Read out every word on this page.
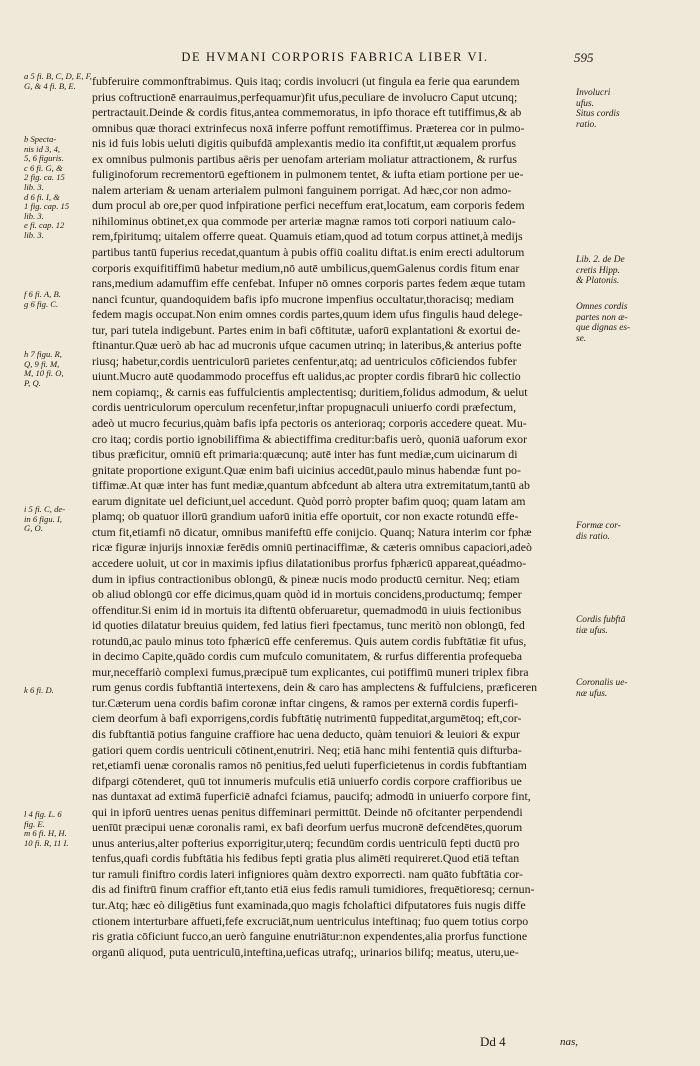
DE HVMANI CORPORIS FABRICA LIBER VI.	595
fubferuire commonftrabimus. Quis itaq; cordis involucri (ut fingula ea ferie qua earundem
prius coftructionē enarrauimus,perfequamur)fit ufus,peculiare de involucro Caput utcunq;
pertractauit.Deinde & cordis fitus,antea commemoratus, in ipfo thorace eft tutiffimus,& ab
omnibus quæ thoraci extrinfecus noxā inferre poffunt remotiffimus. Præterea cor in pulmo-
nis id fuis lobis ueluti digitis quibufdā amplexantis medio ita confiftit,ut æqualem prorfus
ex omnibus pulmonis partibus aëris per uenofam arteriam moliatur attractionem, & rurfus
fuliginoforum recrementorū egeftionem in pulmonem tentet, & iufta etiam portione per ue-
nalem arteriam & uenam arterialem pulmoni fanguinem porrigat. Ad hæc,cor non admo-
dum procul ab ore,per quod infpiratione perfici neceffum erat,locatum, eam corporis fedem
nihilominus obtinet,ex qua commode per arteriæ magnæ ramos toti corpori natiuum calo-
rem,fpiritumq; uitalem offerre queat. Quamuis etiam,quod ad totum corpus attinet,à medijs
partibus tantū fuperius recedat,quantum à pubis offiū coalitu diftat.is enim erecti adultorum
corporis exquifitiffimū habetur medium,nō autē umbilicus,quemGalenus cordis fitum enar
rans,medium adamuffim effe cenfebat. Infuper nō omnes corporis partes fedem æque tutam
nanci fcuntur, quandoquidem bafis ipfo mucrone impenfius occultatur,thoracisq; mediam
fedem magis occupat.Non enim omnes cordis partes,quum idem ufus fingulis haud delege-
tur, pari tutela indigebunt. Partes enim in bafi cōftitutæ, uaforū explantationi & exortui de-
ftinantur.Quæ uerò ab hac ad mucronis ufque cacumen utrinq; in lateribus,& anterius pofte
riusq; habetur,cordis uentriculorū parietes cenfentur,atq; ad uentriculos cōficiendos fubfer
uiunt.Mucro autē quodammodo proceffus eft ualidus,ac propter cordis fibrarū hic collectio
nem copiamq;, & carnis eas fuffulcientis amplectentisq; duritiem,folidus admodum, & uelut
cordis uentriculorum operculum recenfetur,inftar propugnaculi uniuerfo cordi præfectum,
adeò ut mucro fecurius,quàm bafis ipfa pectoris os anterioraq; corporis accedere queat. Mu-
cro itaq; cordis portio ignobiliffima & abiectiffima creditur:bafis uerò, quoniā uaforum exor
tibus præficitur, omniū eft primaria:quæcunq; autē inter has funt mediæ,cum uicinarum di
gnitate proportione exigunt.Quæ enim bafi uicinius accedūt,paulo minus habendæ funt po-
tiffimæ.At quæ inter has funt mediæ,quantum abfcedunt ab altera utra extremitatum,tantū ab
earum dignitate uel deficiunt,uel accedunt. Quòd porrò propter bafim quoq; quam latam am
plamq; ob quatuor illorū grandium uaforū initia effe oportuit, cor non exacte rotundū effe-
ctum fit,etiamfi nō dicatur, omnibus manifeftū effe conijcio. Quanq; Natura interim cor fphæ
ricæ figuræ injurijs innoxiæ ferēdis omniū pertinaciffimæ, & cæteris omnibus capaciori,adeò
accedere uoluit, ut cor in maximis ipfius dilatationibus prorfus fphæricū appareat,quéadmo-
dum in ipfius contractionibus oblongū, & pineæ nucis modo productū cernitur. Neq; etiam
ob aliud oblongū cor effe dicimus,quam quòd id in mortuis concidens,productumq; femper
offenditur.Si enim id in mortuis ita diftentū obferuaretur, quemadmodū in uiuis fectionibus
id quoties dilatatur breuius quidem, fed latius fieri fpectamus, tunc meritò non oblongū, fed
rotundū,ac paulo minus toto fphæricū effe cenferemus. Quis autem cordis fubftātiæ fit ufus,
in decimo Capite,quādo cordis cum mufculo comunitatem, & rurfus differentia profequeba
mur,neceffariò complexi fumus,præcipuē tum explicantes, cui potiffimū muneri triplex fibra
rum genus cordis fubftantiā intertexens, dein & caro has amplectens & fuffulciens, præficeren
tur.Cæterum uena cordis bafim coronæ inftar cingens, & ramos per externā cordis fuperfi-
ciem deorfum à bafi exporrigens,cordis fubftātię nutrimentū fuppeditat,argumētoq; eft,cor-
dis fubftantiā potius fanguine craffiore hac uena deducto, quàm tenuiori & leuiori & expur
gatiori quem cordis uentriculi cōtinent,enutriri. Neq; etiā hanc mihi fententiā quis difturba-
ret,etiamfi uenæ coronalis ramos nō penitius,fed ueluti fuperficietenus in cordis fubftantiam
difpargi cōtenderet, quū tot innumeris mufculis etiā uniuerfo cordis corpore craffioribus ue
nas duntaxat ad extimā fuperficiē adnafci fciamus, paucifq; admodū in uniuerfo corpore fint,
qui in ipforū uentres uenas penitus diffeminari permittūt. Deinde nō ofcitanter perpendendi
uenīūt præcipui uenæ coronalis rami, ex bafi deorfum uerfus mucronē defcendētes,quorum
unus anterius,alter pofterius exporrigitur,uterq; fecundūm cordis uentriculū fepti ductū pro
tenfus,quafi cordis fubftātia his fedibus fepti gratia plus alimēti requireret.Quod etiā teftan
tur ramuli finiftro cordis lateri infigniores quàm dextro exporrecti. nam quāto fubftātia cor-
dis ad finiftrū finum craffior eft,tanto etiā eius fedis ramuli tumidiores, frequētioresq; cernun-
tur.Atq; hæc eò diligētius funt examinada,quo magis fcholaftici difputatores fuis nugis diffe
ctionem interturbare affueti,fefe excruciāt,num uentriculus inteftinaq; fuo quem totius corpo
ris gratia cōficiunt fucco,an uerò fanguine enutriātur:non expendentes,alia prorfus functione
organū aliquod, puta uentriculū,inteftina,ueficas utrafq;, urinarios bilifq; meatus, uteru,ue-
a 5 fi. B, C, D, E, F, G, & 4 fi. B, E.
b Specta-
nis id 3, 4,
5, 6 figuris.
c 6 fi. G, &
2 fig. ca. 15
lib. 3.
d 6 fi. I, &
1 fig. cap. 15
lib. 3.
e fi. cap. 12
lib. 3.
f 6 fi. A, B.
g 6 fig. C.
h 7 figu. R,
Q, 9 fi. M,
M, 10 fi. O,
P, Q.
i 5 fi. C, de-
in 6 figu. I,
G, O.
k 6 fi. D.
l 4 fig. L. 6
fig. E.
m 6 fi. H, H.
10 fi. R, 11 I.
Involucri
ufus.
Situs cordis
ratio.
Lib. 2. de De
cretis Hipp.
& Platonis.
Omnes cordis
partes non æ-
que dignas es-
se.
Formæ cor-
dis ratio.
Cordis fubftā
tiæ ufus.
Coronalis ue-
næ ufus.
Dd 4	nas,
